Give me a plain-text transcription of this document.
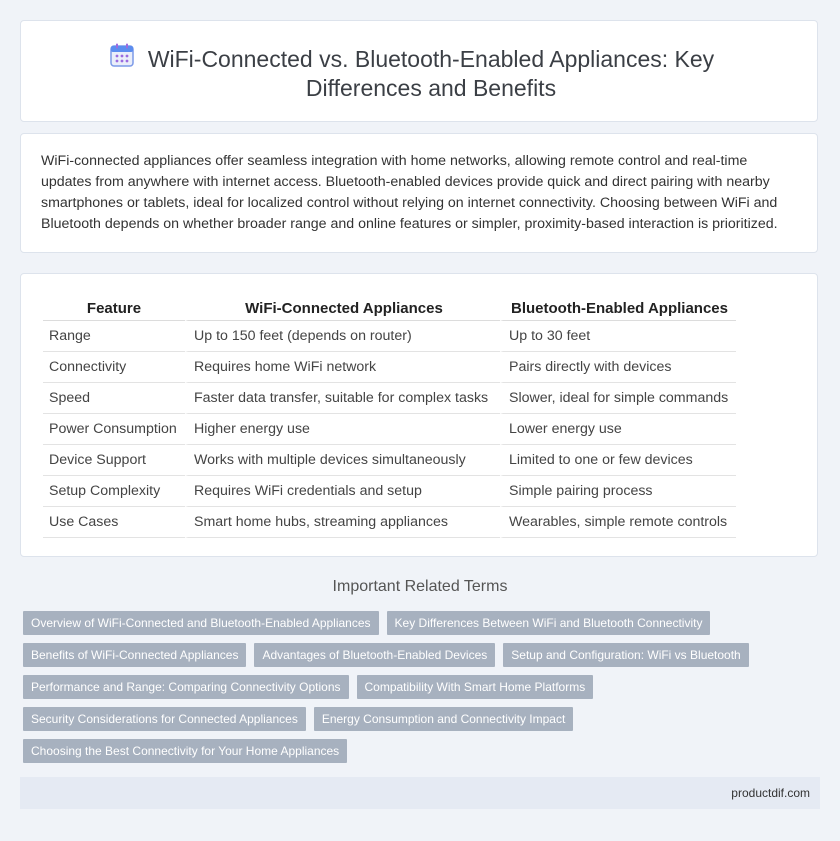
WiFi-Connected vs. Bluetooth-Enabled Appliances: Key Differences and Benefits

WiFi-connected appliances offer seamless integration with home networks, allowing remote control and real-time updates from anywhere with internet access. Bluetooth-enabled devices provide quick and direct pairing with nearby smartphones or tablets, ideal for localized control without relying on internet connectivity. Choosing between WiFi and Bluetooth depends on whether broader range and online features or simpler, proximity-based interaction is prioritized.

Feature	WiFi-Connected Appliances	Bluetooth-Enabled Appliances
Range	Up to 150 feet (depends on router)	Up to 30 feet
Connectivity	Requires home WiFi network	Pairs directly with devices
Speed	Faster data transfer, suitable for complex tasks	Slower, ideal for simple commands
Power Consumption	Higher energy use	Lower energy use
Device Support	Works with multiple devices simultaneously	Limited to one or few devices
Setup Complexity	Requires WiFi credentials and setup	Simple pairing process
Use Cases	Smart home hubs, streaming appliances	Wearables, simple remote controls
Important Related Terms
Overview of WiFi-Connected and Bluetooth-Enabled Appliances	Key Differences Between WiFi and Bluetooth Connectivity
Benefits of WiFi-Connected Appliances	Advantages of Bluetooth-Enabled Devices	Setup and Configuration: WiFi vs Bluetooth
Performance and Range: Comparing Connectivity Options	Compatibility With Smart Home Platforms
Security Considerations for Connected Appliances	Energy Consumption and Connectivity Impact
Choosing the Best Connectivity for Your Home Appliances
productdif.com
